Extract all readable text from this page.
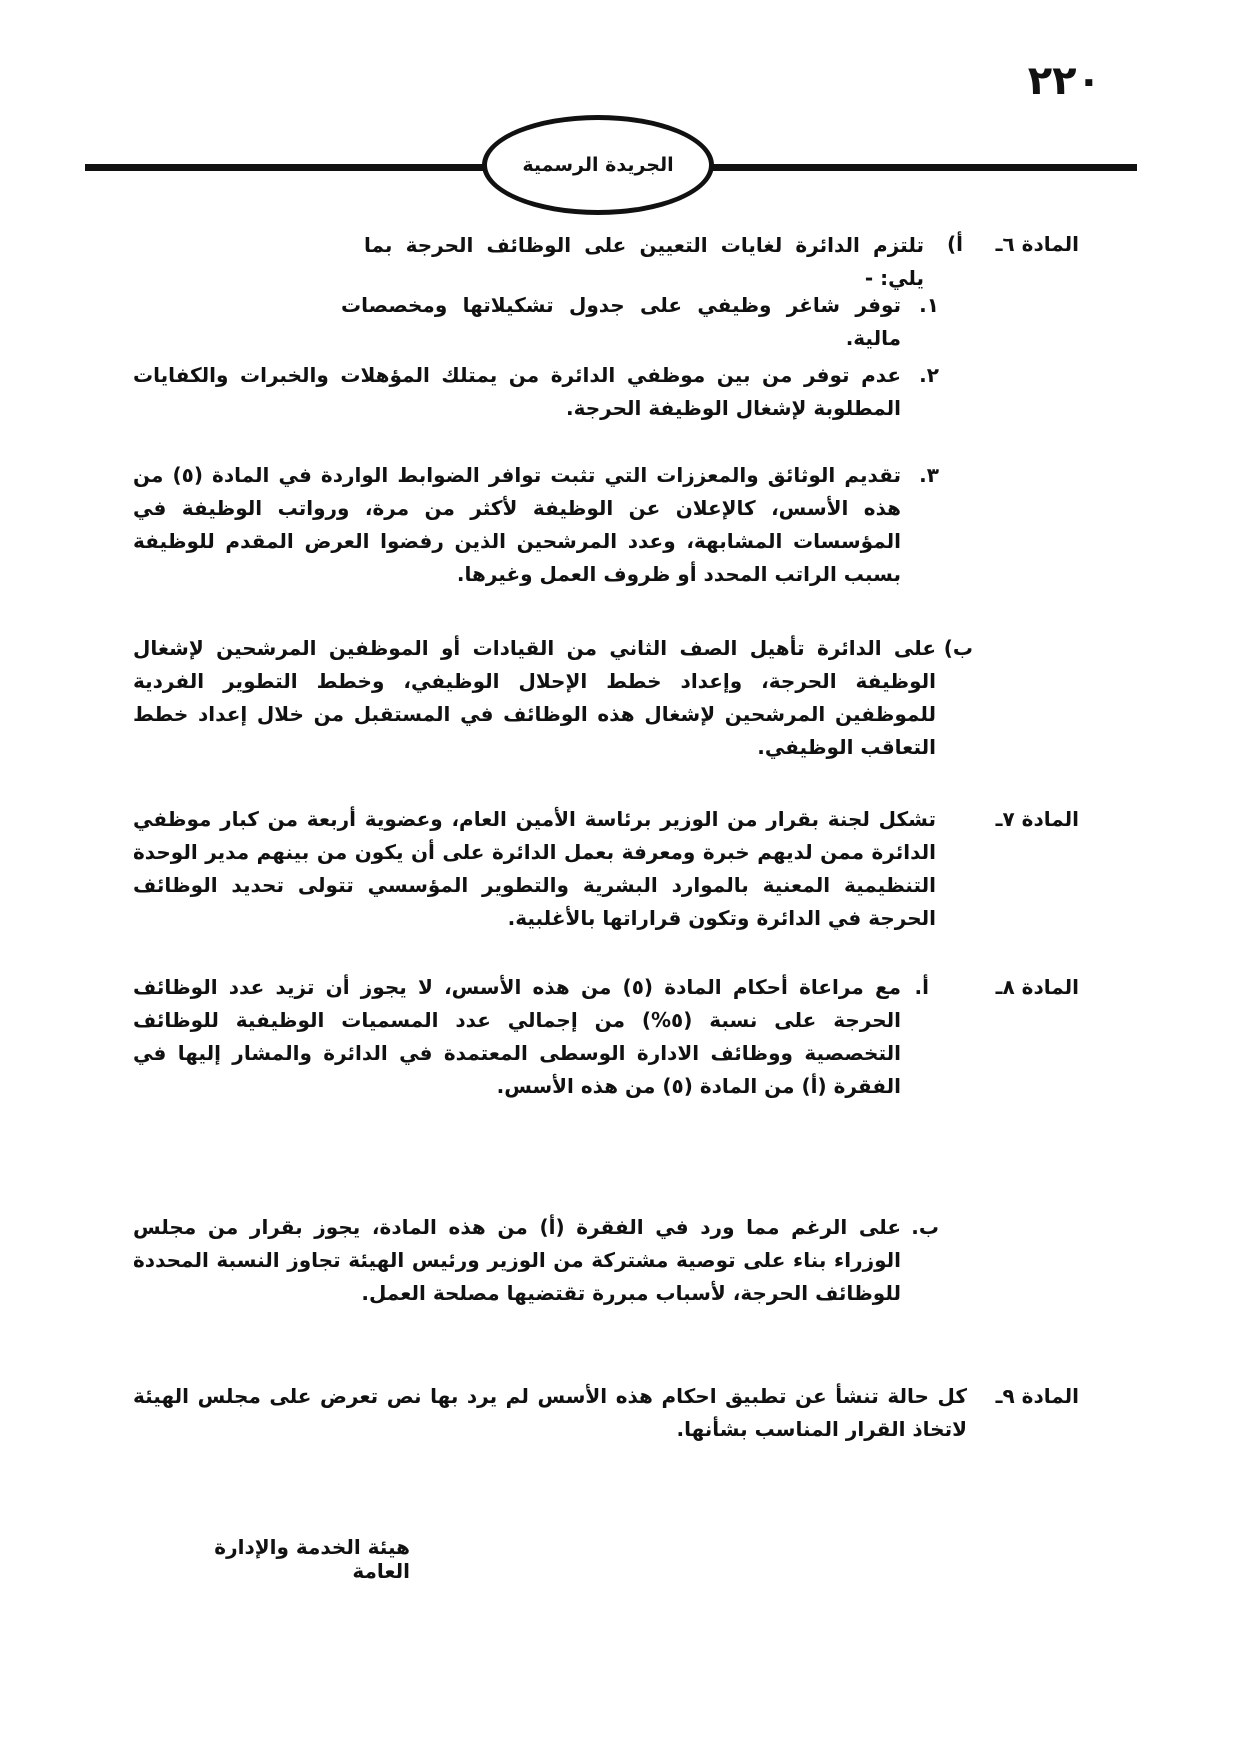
٢٢٠
الجريدة الرسمية
المادة ٦ـ
أ)
تلتزم الدائرة لغايات التعيين على الوظائف الحرجة بما يلي: -
١.
توفر شاغر وظيفي على جدول تشكيلاتها ومخصصات مالية.
٢.
عدم توفر من بين موظفي الدائرة من يمتلك المؤهلات والخبرات والكفايات المطلوبة لإشغال الوظيفة الحرجة.
٣.
تقديم الوثائق والمعززات التي تثبت توافر الضوابط الواردة في المادة (٥) من هذه الأسس، كالإعلان عن الوظيفة لأكثر من مرة، ورواتب الوظيفة في المؤسسات المشابهة، وعدد المرشحين الذين رفضوا العرض المقدم للوظيفة بسبب الراتب المحدد أو ظروف العمل وغيرها.
ب)
على الدائرة تأهيل الصف الثاني من القيادات أو الموظفين المرشحين لإشغال الوظيفة الحرجة، وإعداد خطط الإحلال الوظيفي، وخطط التطوير الفردية للموظفين المرشحين لإشغال هذه الوظائف في المستقبل من خلال إعداد خطط التعاقب الوظيفي.
المادة ٧ـ
تشكل لجنة بقرار من الوزير برئاسة الأمين العام، وعضوية أربعة من كبار موظفي الدائرة ممن لديهم خبرة ومعرفة بعمل الدائرة على أن يكون من بينهم مدير الوحدة التنظيمية المعنية بالموارد البشرية والتطوير المؤسسي تتولى تحديد الوظائف الحرجة في الدائرة وتكون قراراتها بالأغلبية.
المادة ٨ـ
أ.
مع مراعاة أحكام المادة (٥) من هذه الأسس، لا يجوز أن تزيد عدد الوظائف الحرجة على نسبة (٥%) من إجمالي عدد المسميات الوظيفية للوظائف التخصصية ووظائف الادارة الوسطى المعتمدة في الدائرة والمشار إليها في الفقرة (أ) من المادة (٥) من هذه الأسس.
ب.
على الرغم مما ورد في الفقرة (أ) من هذه المادة، يجوز بقرار من مجلس الوزراء بناء على توصية مشتركة من الوزير ورئيس الهيئة تجاوز النسبة المحددة للوظائف الحرجة، لأسباب مبررة تقتضيها مصلحة العمل.
المادة ٩ـ
كل حالة تنشأ عن تطبيق احكام هذه الأسس لم يرد بها نص تعرض على مجلس الهيئة لاتخاذ القرار المناسب بشأنها.
هيئة الخدمة والإدارة العامة
